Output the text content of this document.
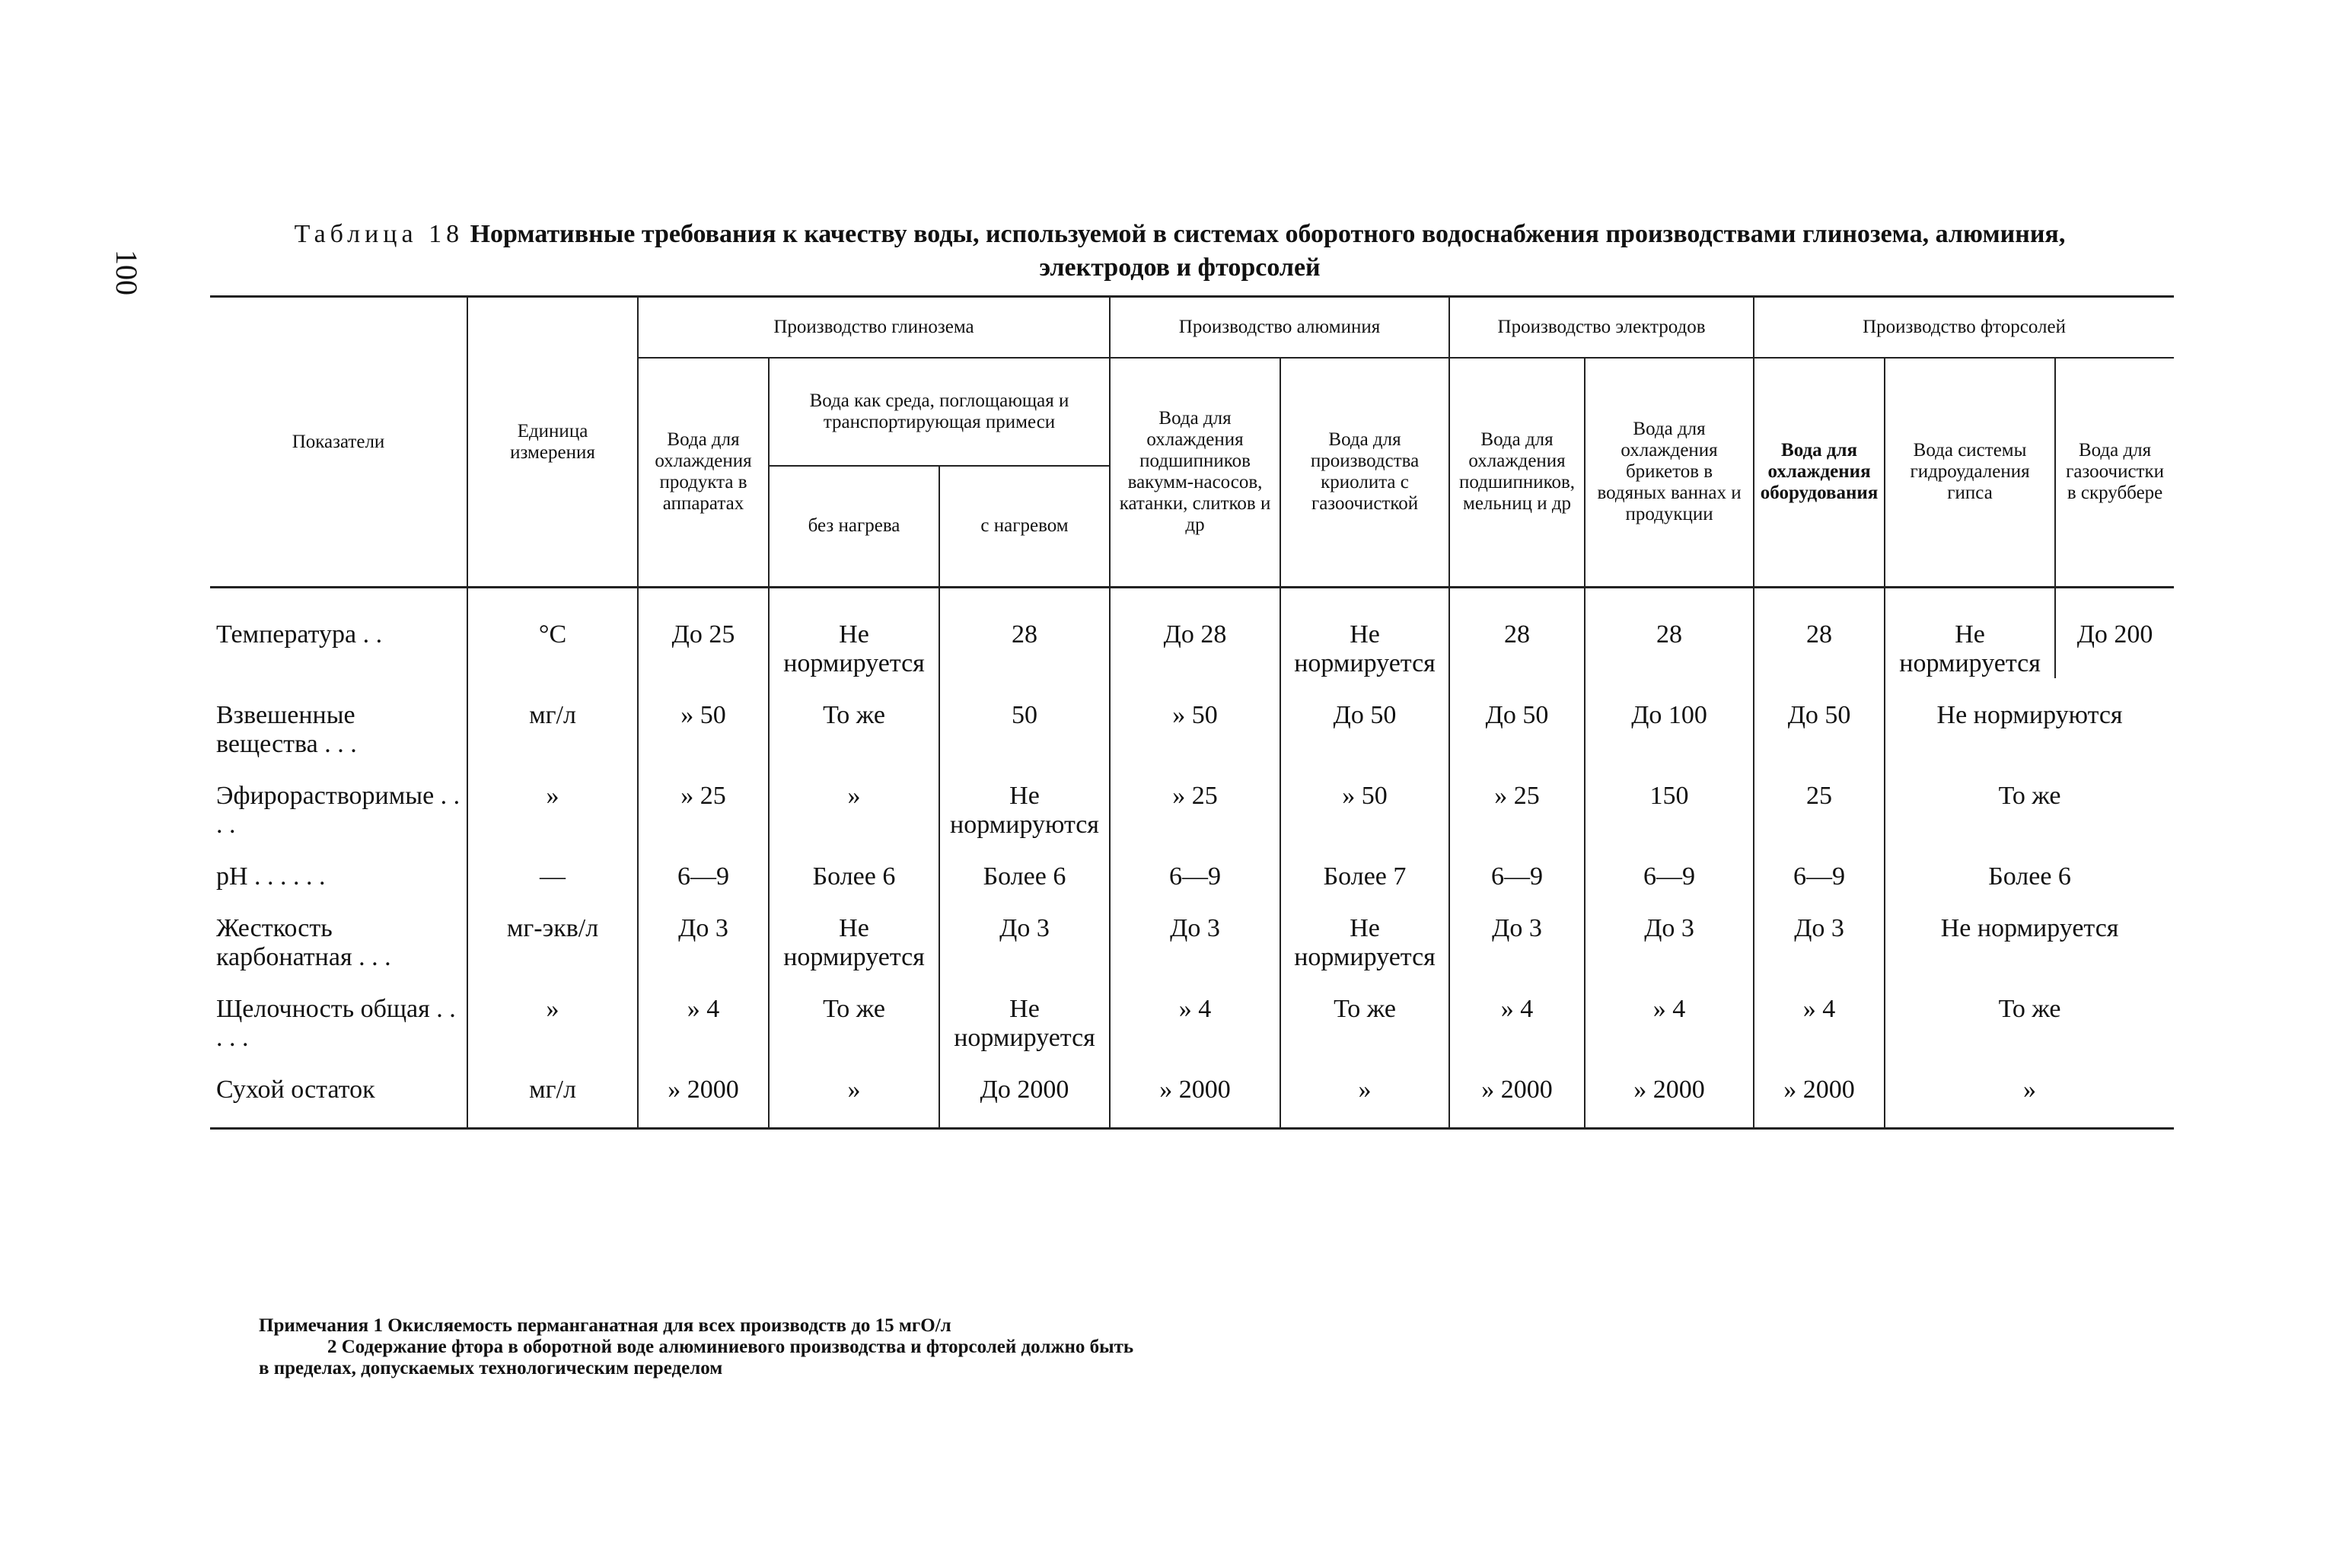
100
Таблица 18 Нормативные требования к качеству воды, используемой в системах оборотного водоснабжения производствами глинозема, алюминия, электродов и фторсолей
Показатели	Единица измерения	Производство глинозема			Производство алюминия		Производство электродов		Производство фторсолей		
		Вода для охлаждения продукта в аппаратах	Вода как среда, поглощающая и транспортирующая примеси		Вода для охлаждения подшипников вакумм-насосов, катанки, слитков и др	Вода для производства криолита с газоочисткой	Вода для охлаждения подшипников, мельниц и др	Вода для охлаждения брикетов в водяных ваннах и продукции	Вода для охлаждения оборудования	Вода системы гидроудаления гипса	Вода для газоочистки в скруббере
			без нагрева	с нагревом							
Температура . .	°С	До 25	Не нормируется	28	До 28	Не нормируется	28	28	28	Не нормируется	До 200
Взвешенные вещества . . .	мг/л	» 50	То же	50	» 50	До 50	До 50	До 100	До 50	Не нормируются	
Эфирорастворимые . . . .	»	» 25	»	Не нормируются	» 25	» 50	» 25	150	25	То же	
pH . . . . . .	—	6—9	Более 6	Более 6	6—9	Более 7	6—9	6—9	6—9	Более 6	
Жесткость карбонатная . . .	мг-экв/л	До 3	Не нормируется	До 3	До 3	Не нормируется	До 3	До 3	До 3	Не нормируется	
Щелочность общая . . . . .	»	» 4	То же	Не нормируется	» 4	То же	» 4	» 4	» 4	То же	
Сухой остаток	мг/л	» 2000	»	До 2000	» 2000	»	» 2000	» 2000	» 2000	»	
Примечания 1 Окисляемость перманганатная для всех производств до 15 мгО/л
2 Содержание фтора в оборотной воде алюминиевого производства и фторсолей должно быть
в пределах, допускаемых технологическим переделом
